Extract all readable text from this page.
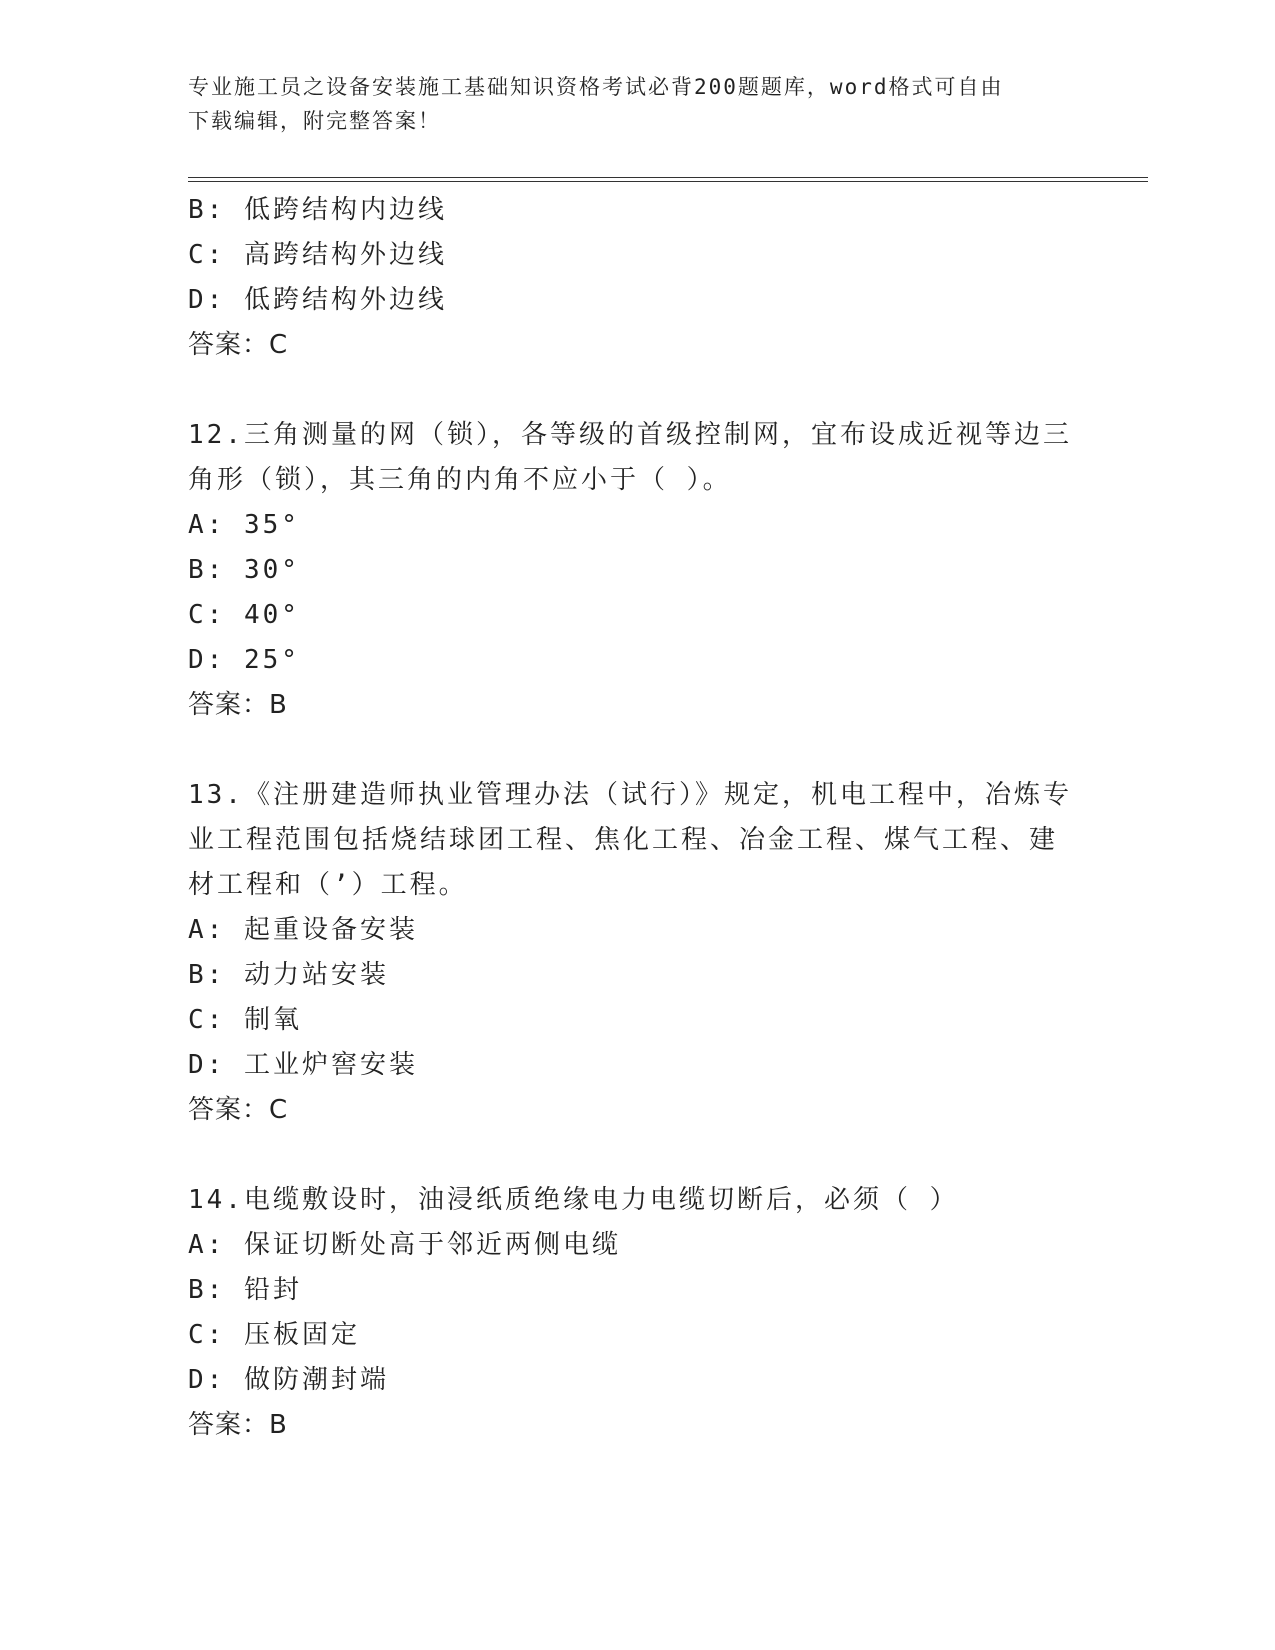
专业施工员之设备安装施工基础知识资格考试必背200题题库，word格式可自由
下载编辑，附完整答案！
B: 低跨结构内边线
C: 高跨结构外边线
D: 低跨结构外边线
答案：C
12.三角测量的网（锁），各等级的首级控制网，宜布设成近视等边三
角形（锁），其三角的内角不应小于（ ）。
A: 35°
B: 30°
C: 40°
D: 25°
答案：B
13.《注册建造师执业管理办法（试行）》规定，机电工程中，冶炼专
业工程范围包括烧结球团工程、焦化工程、冶金工程、煤气工程、建
材工程和（’）工程。
A: 起重设备安装
B: 动力站安装
C: 制氧
D: 工业炉窖安装
答案：C
14.电缆敷设时，油浸纸质绝缘电力电缆切断后，必须（ ）
A: 保证切断处高于邻近两侧电缆
B: 铅封
C: 压板固定
D: 做防潮封端
答案：B
